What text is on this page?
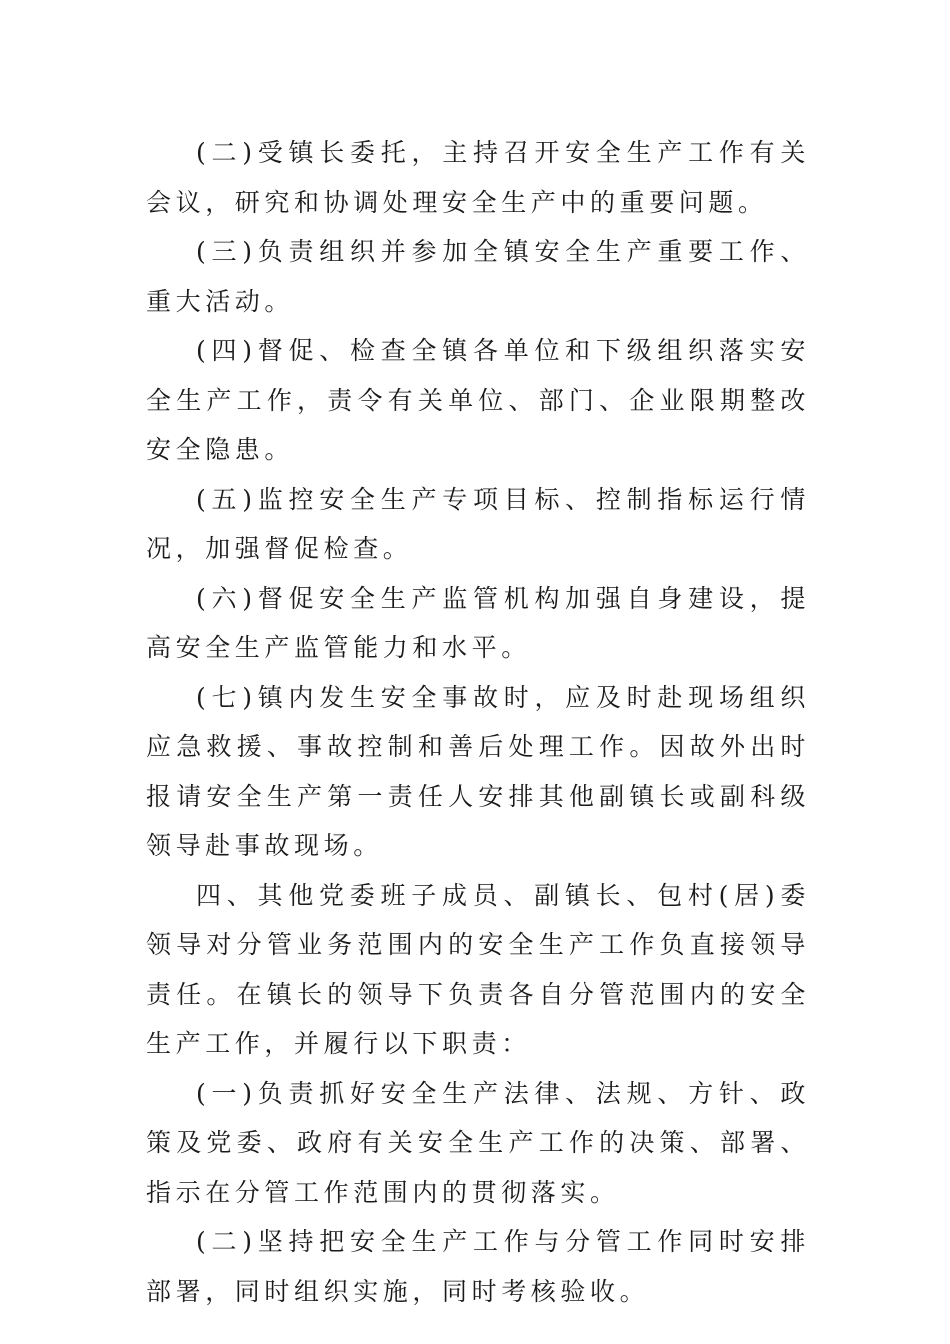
(二)受镇长委托，主持召开安全生产工作有关会议，研究和协调处理安全生产中的重要问题。

(三)负责组织并参加全镇安全生产重要工作、重大活动。

(四)督促、检查全镇各单位和下级组织落实安全生产工作，责令有关单位、部门、企业限期整改安全隐患。

(五)监控安全生产专项目标、控制指标运行情况，加强督促检查。

(六)督促安全生产监管机构加强自身建设，提高安全生产监管能力和水平。

(七)镇内发生安全事故时，应及时赴现场组织应急救援、事故控制和善后处理工作。因故外出时报请安全生产第一责任人安排其他副镇长或副科级领导赴事故现场。

四、其他党委班子成员、副镇长、包村(居)委领导对分管业务范围内的安全生产工作负直接领导责任。在镇长的领导下负责各自分管范围内的安全生产工作，并履行以下职责：

(一)负责抓好安全生产法律、法规、方针、政策及党委、政府有关安全生产工作的决策、部署、指示在分管工作范围内的贯彻落实。

(二)坚持把安全生产工作与分管工作同时安排部署，同时组织实施，同时考核验收。
